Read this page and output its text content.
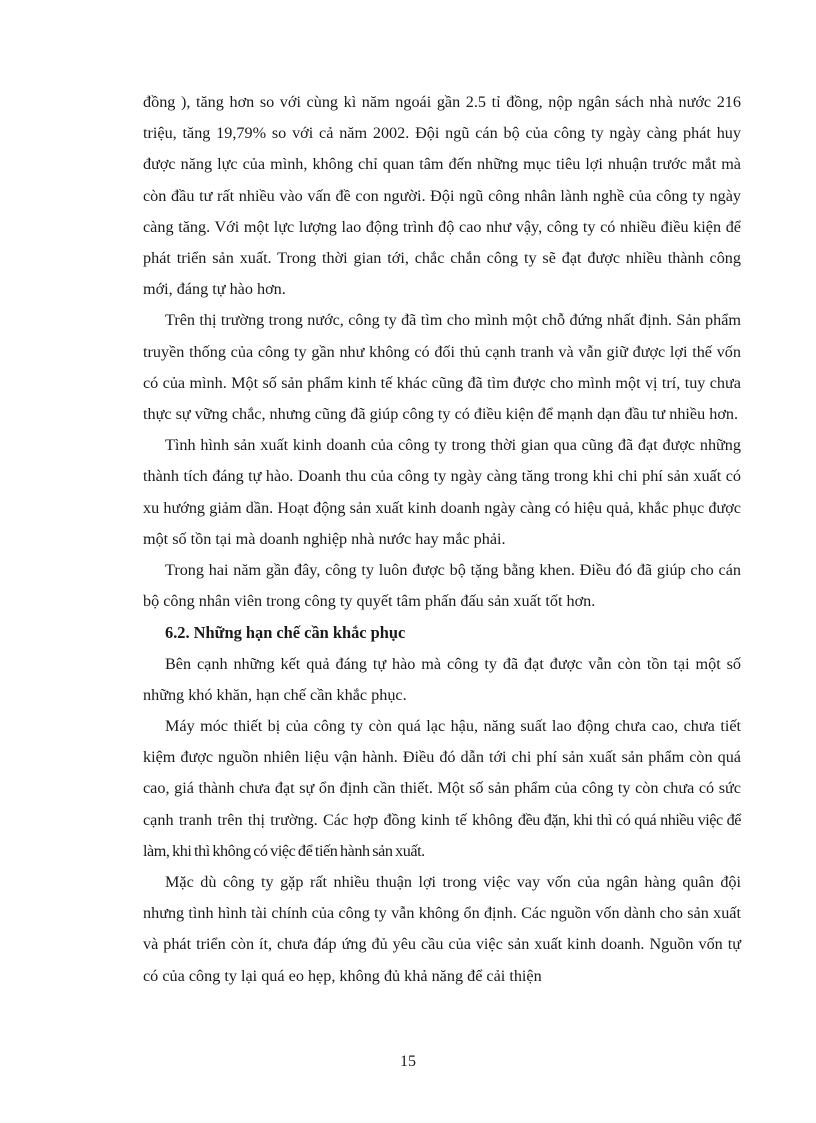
đồng ), tăng hơn so với cùng kì năm ngoái gần 2.5 tỉ đồng, nộp ngân sách nhà nước 216 triệu, tăng 19,79% so với cả năm 2002. Đội ngũ cán bộ của công ty ngày càng phát huy được năng lực của mình, không chỉ quan tâm đến những mục tiêu lợi nhuận trước mắt mà còn đầu tư rất nhiều vào vấn đề con người. Đội ngũ công nhân lành nghề của công ty ngày càng tăng. Với một lực lượng lao động trình độ cao như vậy, công ty có nhiều điều kiện để phát triển sản xuất. Trong thời gian tới, chắc chắn công ty sẽ đạt được nhiều thành công mới, đáng tự hào hơn.

Trên thị trường trong nước, công ty đã tìm cho mình một chỗ đứng nhất định. Sản phẩm truyền thống của công ty gần như không có đối thủ cạnh tranh và vẫn giữ được lợi thế vốn có của mình. Một số sản phẩm kinh tế khác cũng đã tìm được cho mình một vị trí, tuy chưa thực sự vững chắc, nhưng cũng đã giúp công ty có điều kiện để mạnh dạn đầu tư nhiều hơn.

Tình hình sản xuất kinh doanh của công ty trong thời gian qua cũng đã đạt được những thành tích đáng tự hào. Doanh thu của công ty ngày càng tăng trong khi chi phí sản xuất có xu hướng giảm dần. Hoạt động sản xuất kinh doanh ngày càng có hiệu quả, khắc phục được một số tồn tại mà doanh nghiệp nhà nước hay mắc phải.

Trong hai năm gần đây, công ty luôn được bộ tặng bằng khen. Điều đó đã giúp cho cán bộ công nhân viên trong công ty quyết tâm phấn đấu sản xuất tốt hơn.

6.2. Những hạn chế cần khắc phục

Bên cạnh những kết quả đáng tự hào mà công ty đã đạt được vẫn còn tồn tại một số những khó khăn, hạn chế cần khắc phục.

Máy móc thiết bị của công ty còn quá lạc hậu, năng suất lao động chưa cao, chưa tiết kiệm được nguồn nhiên liệu vận hành. Điều đó dẫn tới chi phí sản xuất sản phẩm còn quá cao, giá thành chưa đạt sự ổn định cần thiết. Một số sản phẩm của công ty còn chưa có sức cạnh tranh trên thị trường. Các hợp đồng kinh tế không đều đặn, khi thì có quá nhiều việc để làm, khi thì không có việc để tiến hành sản xuất.

Mặc dù công ty gặp rất nhiều thuận lợi trong việc vay vốn của ngân hàng quân đội nhưng tình hình tài chính của công ty vẫn không ổn định. Các nguồn vốn dành cho sản xuất và phát triển còn ít, chưa đáp ứng đủ yêu cầu của việc sản xuất kinh doanh. Nguồn vốn tự có của công ty lại quá eo hẹp, không đủ khả năng để cải thiện

15
